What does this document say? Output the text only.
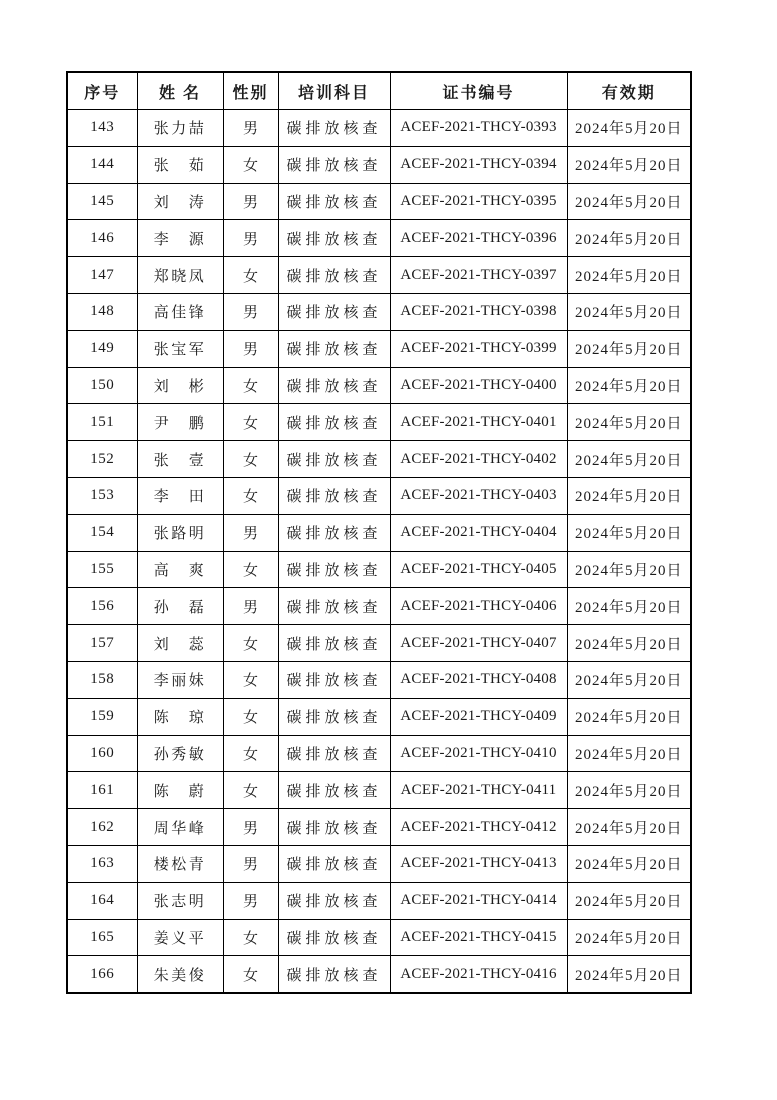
序号	姓 名	性别	培训科目	证书编号	有效期
143	张力喆	男	碳排放核查	ACEF-2021-THCY-0393	2024年5月20日
144	张　茹	女	碳排放核查	ACEF-2021-THCY-0394	2024年5月20日
145	刘　涛	男	碳排放核查	ACEF-2021-THCY-0395	2024年5月20日
146	李　源	男	碳排放核查	ACEF-2021-THCY-0396	2024年5月20日
147	郑晓凤	女	碳排放核查	ACEF-2021-THCY-0397	2024年5月20日
148	高佳锋	男	碳排放核查	ACEF-2021-THCY-0398	2024年5月20日
149	张宝军	男	碳排放核查	ACEF-2021-THCY-0399	2024年5月20日
150	刘　彬	女	碳排放核查	ACEF-2021-THCY-0400	2024年5月20日
151	尹　鹏	女	碳排放核查	ACEF-2021-THCY-0401	2024年5月20日
152	张　壹	女	碳排放核查	ACEF-2021-THCY-0402	2024年5月20日
153	李　田	女	碳排放核查	ACEF-2021-THCY-0403	2024年5月20日
154	张路明	男	碳排放核查	ACEF-2021-THCY-0404	2024年5月20日
155	高　爽	女	碳排放核查	ACEF-2021-THCY-0405	2024年5月20日
156	孙　磊	男	碳排放核查	ACEF-2021-THCY-0406	2024年5月20日
157	刘　蕊	女	碳排放核查	ACEF-2021-THCY-0407	2024年5月20日
158	李丽妹	女	碳排放核查	ACEF-2021-THCY-0408	2024年5月20日
159	陈　琼	女	碳排放核查	ACEF-2021-THCY-0409	2024年5月20日
160	孙秀敏	女	碳排放核查	ACEF-2021-THCY-0410	2024年5月20日
161	陈　蔚	女	碳排放核查	ACEF-2021-THCY-0411	2024年5月20日
162	周华峰	男	碳排放核查	ACEF-2021-THCY-0412	2024年5月20日
163	楼松青	男	碳排放核查	ACEF-2021-THCY-0413	2024年5月20日
164	张志明	男	碳排放核查	ACEF-2021-THCY-0414	2024年5月20日
165	姜义平	女	碳排放核查	ACEF-2021-THCY-0415	2024年5月20日
166	朱美俊	女	碳排放核查	ACEF-2021-THCY-0416	2024年5月20日
